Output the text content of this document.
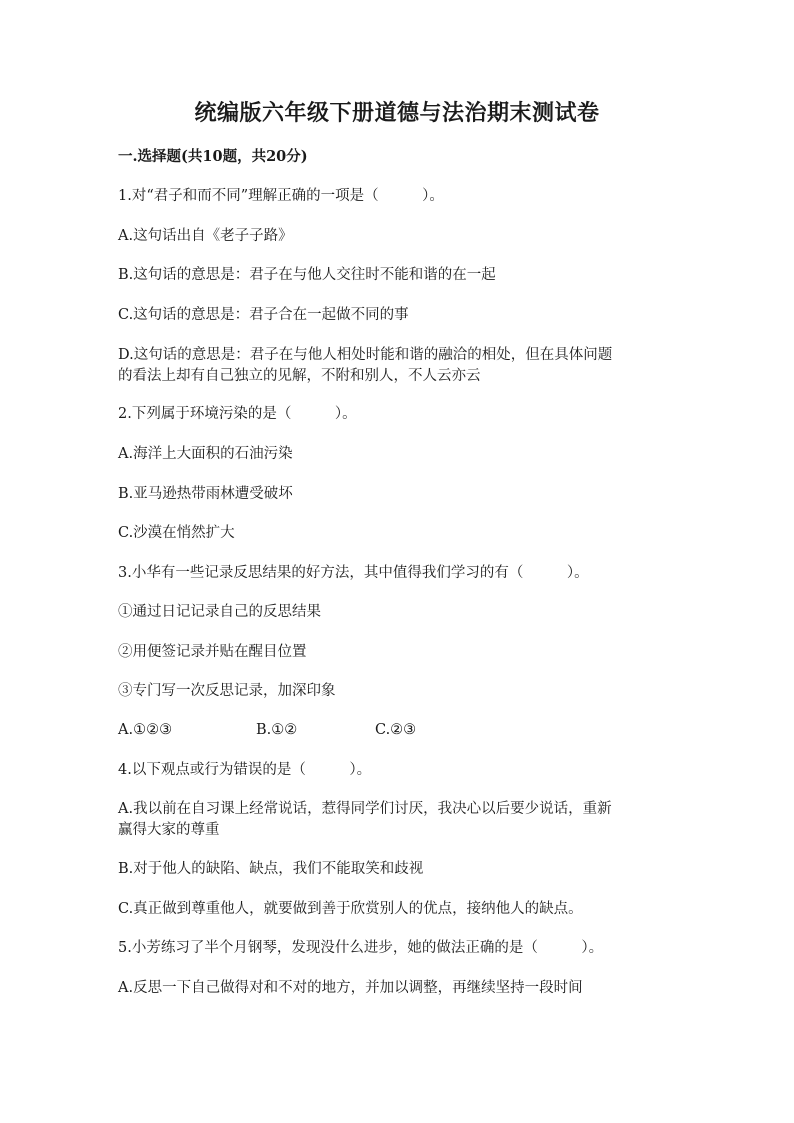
统编版六年级下册道德与法治期末测试卷
一.选择题(共10题，共20分)
1.对“君子和而不同”理解正确的一项是（　　　）。
A.这句话出自《老子子路》
B.这句话的意思是：君子在与他人交往时不能和谐的在一起
C.这句话的意思是：君子合在一起做不同的事
D.这句话的意思是：君子在与他人相处时能和谐的融洽的相处，但在具体问题
的看法上却有自己独立的见解，不附和别人，不人云亦云
2.下列属于环境污染的是（　　　）。
A.海洋上大面积的石油污染
B.亚马逊热带雨林遭受破坏
C.沙漠在悄然扩大
3.小华有一些记录反思结果的好方法，其中值得我们学习的有（　　　）。
①通过日记记录自己的反思结果
②用便签记录并贴在醒目位置
③专门写一次反思记录，加深印象
A.①②③	B.①②	C.②③
4.以下观点或行为错误的是（　　　）。
A.我以前在自习课上经常说话，惹得同学们讨厌，我决心以后要少说话，重新
赢得大家的尊重
B.对于他人的缺陷、缺点，我们不能取笑和歧视
C.真正做到尊重他人，就要做到善于欣赏别人的优点，接纳他人的缺点。
5.小芳练习了半个月钢琴，发现没什么进步，她的做法正确的是（　　　）。
A.反思一下自己做得对和不对的地方，并加以调整，再继续坚持一段时间
